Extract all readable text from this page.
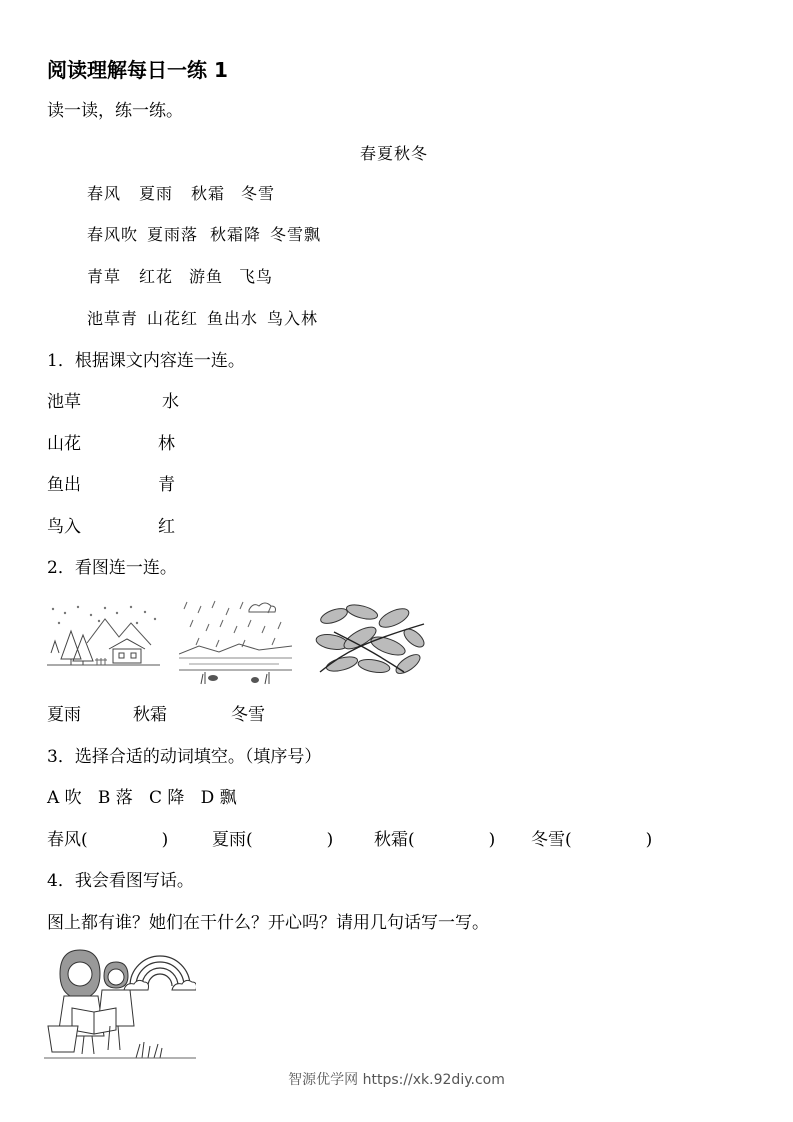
阅读理解每日一练 1
读一读，练一练。
春夏秋冬
春风 夏雨 秋霜 冬雪
春风吹 夏雨落 秋霜降 冬雪飘
青草 红花 游鱼 飞鸟
池草青 山花红 鱼出水 鸟入林
1．根据课文内容连一连。
池草	水
山花	林
鱼出	青
鸟入	红
2．看图连一连。
夏雨	秋霜	冬雪
3．选择合适的动词填空。（填序号）
A 吹   B 落   C 降   D 飘
春风(	)	夏雨(	) 秋霜(	) 冬雪(	)
4．我会看图写话。
图上都有谁？她们在干什么？开心吗？请用几句话写一写。
智源优学网 https://xk.92diy.com
